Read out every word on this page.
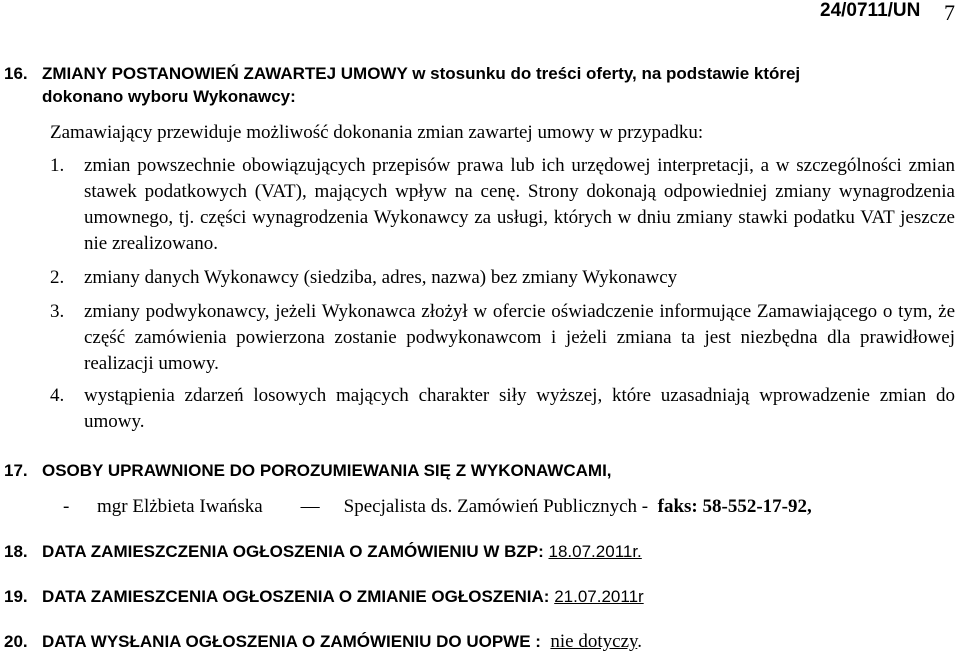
24/0711/UN 7
16. ZMIANY POSTANOWIEŃ ZAWARTEJ UMOWY w stosunku do treści oferty, na podstawie której
dokonano wyboru Wykonawcy:
Zamawiający przewiduje możliwość dokonania zmian zawartej umowy w przypadku:
1. zmian powszechnie obowiązujących przepisów prawa lub ich urzędowej interpretacji, a w szczególności zmian stawek podatkowych (VAT), mających wpływ na cenę. Strony dokonają odpowiedniej zmiany wynagrodzenia umownego, tj. części wynagrodzenia Wykonawcy za usługi, których w dniu zmiany stawki podatku VAT jeszcze nie zrealizowano.
2. zmiany danych Wykonawcy (siedziba, adres, nazwa) bez zmiany Wykonawcy
3. zmiany podwykonawcy, jeżeli Wykonawca złożył w ofercie oświadczenie informujące Zamawiającego o tym, że część zamówienia powierzona zostanie podwykonawcom i jeżeli zmiana ta jest niezbędna dla prawidłowej realizacji umowy.
4. wystąpienia zdarzeń losowych mających charakter siły wyższej, które uzasadniają wprowadzenie zmian do umowy.
17. OSOBY UPRAWNIONE DO POROZUMIEWANIA SIĘ Z WYKONAWCAMI,
- mgr Elżbieta Iwańska — Specjalista ds. Zamówień Publicznych - faks: 58-552-17-92,
18. DATA ZAMIESZCZENIA OGŁOSZENIA O ZAMÓWIENIU W BZP: 18.07.2011r.
19. DATA ZAMIESZCENIA OGŁOSZENIA O ZMIANIE OGŁOSZENIA: 21.07.2011r
20. DATA WYSŁANIA OGŁOSZENIA O ZAMÓWIENIU DO UOPWE : nie dotyczy.
